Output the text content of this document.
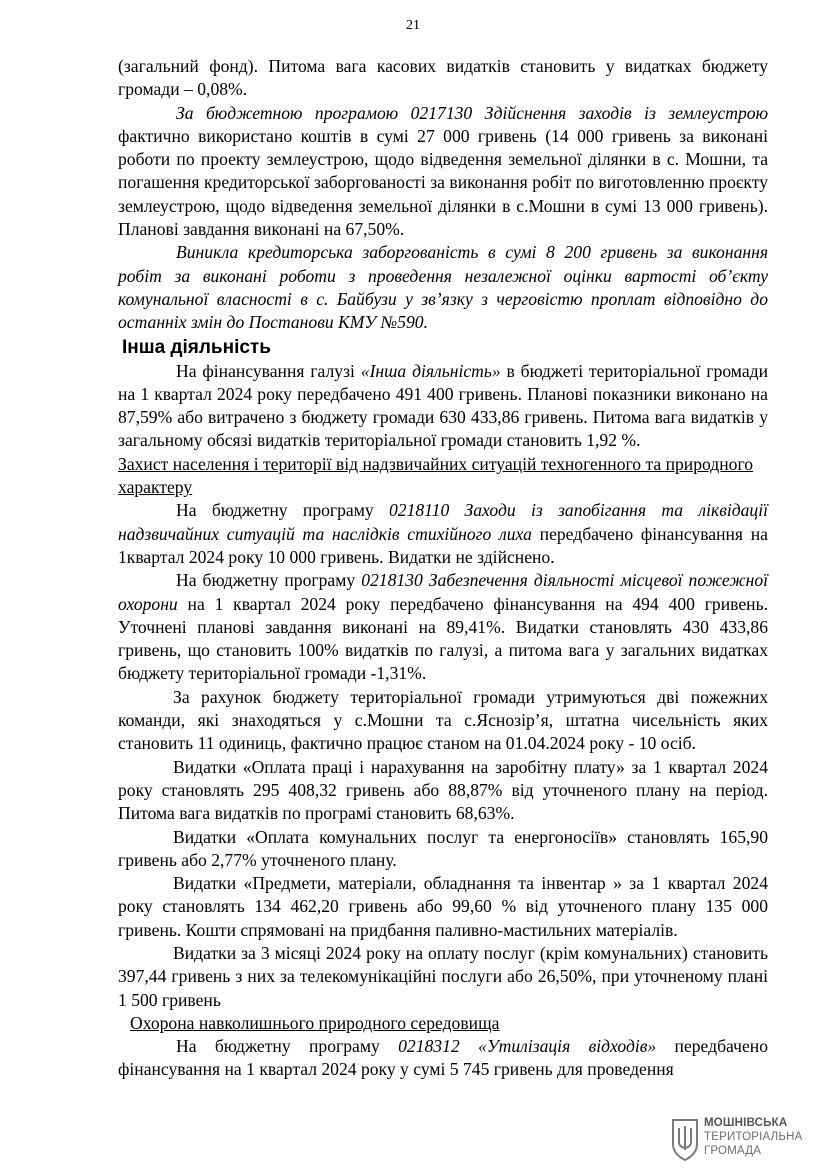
21

(загальний фонд). Питома вага касових видатків становить у видатках бюджету громади – 0,08%.

За бюджетною програмою 0217130 Здійснення заходів із землеустрою фактично використано коштів в сумі 27 000 гривень (14 000 гривень за виконані роботи по проекту землеустрою, щодо відведення земельної ділянки в с. Мошни, та погашення кредиторської заборгованості за виконання робіт по виготовленню проєкту землеустрою, щодо відведення земельної ділянки в с.Мошни в сумі 13 000 гривень). Планові завдання виконані на 67,50%.

Виникла кредиторська заборгованість в сумі 8 200 гривень за виконання робіт за виконані роботи з проведення незалежної оцінки вартості об’єкту комунальної власності в с. Байбузи у зв’язку з черговістю проплат відповідно до останніх змін до Постанови КМУ №590.

Інша діяльність

На фінансування галузі «Інша діяльність» в бюджеті територіальної громади на 1 квартал 2024 року передбачено 491 400 гривень. Планові показники виконано на 87,59% або витрачено з бюджету громади 630 433,86 гривень. Питома вага видатків у загальному обсязі видатків територіальної громади становить 1,92 %.

Захист населення і території від надзвичайних ситуацій техногенного та природного характеру

На бюджетну програму 0218110 Заходи із запобігання та ліквідації надзвичайних ситуацій та наслідків стихійного лиха передбачено фінансування на 1квартал 2024 року 10 000 гривень. Видатки не здійснено.

На бюджетну програму 0218130 Забезпечення діяльності місцевої пожежної охорони на 1 квартал 2024 року передбачено фінансування на 494 400 гривень. Уточнені планові завдання виконані на 89,41%. Видатки становлять 430 433,86 гривень, що становить 100% видатків по галузі, а питома вага у загальних видатках бюджету територіальної громади -1,31%.

За рахунок бюджету територіальної громади утримуються дві пожежних команди, які знаходяться у с.Мошни та с.Яснозір’я, штатна чисельність яких становить 11 одиниць, фактично працює станом на 01.04.2024 року - 10 осіб.

Видатки «Оплата праці і нарахування на заробітну плату» за 1 квартал 2024 року становлять 295 408,32 гривень або 88,87% від уточненого плану на період. Питома вага видатків по програмі становить 68,63%.

Видатки «Оплата комунальних послуг та енергоносіїв» становлять 165,90 гривень або 2,77% уточненого плану.

Видатки «Предмети, матеріали, обладнання та інвентар » за 1 квартал 2024 року становлять 134 462,20 гривень або 99,60 % від уточненого плану 135 000 гривень. Кошти спрямовані на придбання паливно-мастильних матеріалів.

Видатки за 3 місяці 2024 року на оплату послуг (крім комунальних) становить 397,44 гривень з них за телекомунікаційні послуги або 26,50%, при уточненому плані 1 500 гривень

Охорона навколишнього природного середовища

На бюджетну програму 0218312 «Утилізація відходів» передбачено фінансування на 1 квартал 2024 року у сумі 5 745 гривень для проведення

МОШНІВСЬКА
ТЕРИТОРІАЛЬНА
ГРОМАДА
